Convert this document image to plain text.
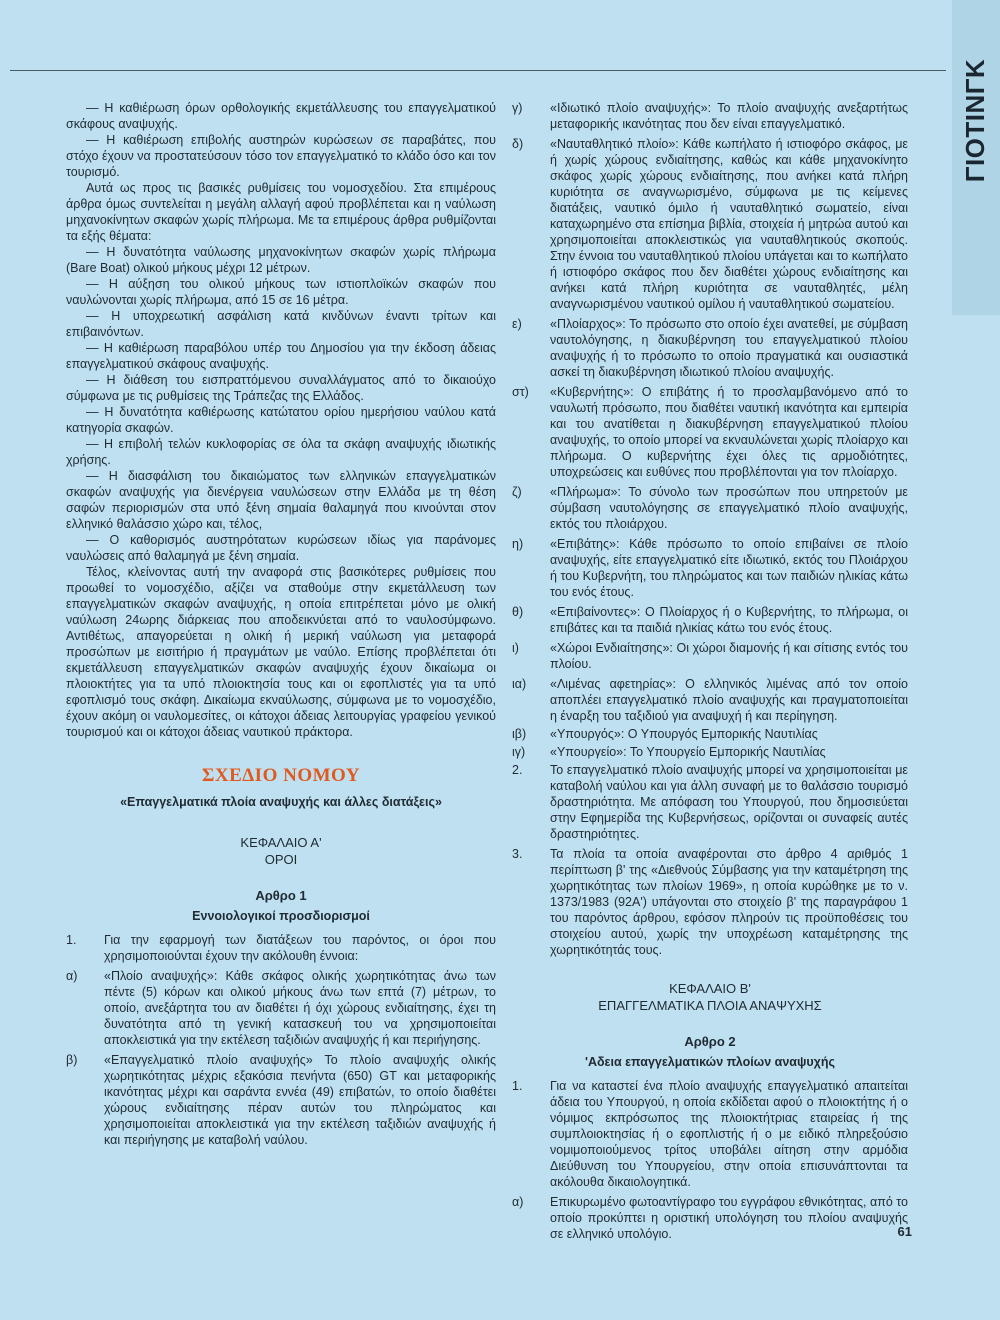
ΓΙΟΤΙΝΓΚ

— Η καθιέρωση όρων ορθολογικής εκμετάλλευσης του επαγγελματικού σκάφους αναψυχής.

— Η καθιέρωση επιβολής αυστηρών κυρώσεων σε παραβάτες, που στόχο έχουν να προστατεύσουν τόσο τον επαγγελματικό το κλάδο όσο και τον τουρισμό.

Αυτά ως προς τις βασικές ρυθμίσεις του νομοσχεδίου. Στα επιμέρους άρθρα όμως συντελείται η μεγάλη αλλαγή αφού προβλέπεται και η ναύλωση μηχανοκίνητων σκαφών χωρίς πλήρωμα. Με τα επιμέρους άρθρα ρυθμίζονται τα εξής θέματα:

— Η δυνατότητα ναύλωσης μηχανοκίνητων σκαφών χωρίς πλήρωμα (Bare Boat) ολικού μήκους μέχρι 12 μέτρων.

— Η αύξηση του ολικού μήκους των ιστιοπλοϊκών σκαφών που ναυλώνονται χωρίς πλήρωμα, από 15 σε 16 μέτρα.

— Η υποχρεωτική ασφάλιση κατά κινδύνων έναντι τρίτων και επιβαινόντων.

— Η καθιέρωση παραβόλου υπέρ του Δημοσίου για την έκδοση άδειας επαγγελματικού σκάφους αναψυχής.

— Η διάθεση του εισπραττόμενου συναλλάγματος από το δικαιούχο σύμφωνα με τις ρυθμίσεις της Τράπεζας της Ελλάδος.

— Η δυνατότητα καθιέρωσης κατώτατου ορίου ημερήσιου ναύλου κατά κατηγορία σκαφών.

— Η επιβολή τελών κυκλοφορίας σε όλα τα σκάφη αναψυχής ιδιωτικής χρήσης.

— Η διασφάλιση του δικαιώματος των ελληνικών επαγγελματικών σκαφών αναψυχής για διενέργεια ναυλώσεων στην Ελλάδα με τη θέση σαφών περιορισμών στα υπό ξένη σημαία θαλαμηγά που κινούνται στον ελληνικό θαλάσσιο χώρο και, τέλος,

— Ο καθορισμός αυστηρότατων κυρώσεων ιδίως για παράνομες ναυλώσεις από θαλαμηγά με ξένη σημαία.

Τέλος, κλείνοντας αυτή την αναφορά στις βασικότερες ρυθμίσεις που προωθεί το νομοσχέδιο, αξίζει να σταθούμε στην εκμετάλλευση των επαγγελματικών σκαφών αναψυχής, η οποία επιτρέπεται μόνο με ολική ναύλωση 24ωρης διάρκειας που αποδεικνύεται από το ναυλοσύμφωνο. Αντιθέτως, απαγορεύεται η ολική ή μερική ναύλωση για μεταφορά προσώπων με εισιτήριο ή πραγμάτων με ναύλο. Επίσης προβλέπεται ότι εκμετάλλευση επαγγελματικών σκαφών αναψυχής έχουν δικαίωμα οι πλοιοκτήτες για τα υπό πλοιοκτησία τους και οι εφοπλιστές για τα υπό εφοπλισμό τους σκάφη. Δικαίωμα εκναύλωσης, σύμφωνα με το νομοσχέδιο, έχουν ακόμη οι ναυλομεσίτες, οι κάτοχοι άδειας λειτουργίας γραφείου γενικού τουρισμού και οι κάτοχοι άδειας ναυτικού πράκτορα.

ΣΧΕΔΙΟ ΝΟΜΟΥ
«Επαγγελματικά πλοία αναψυχής και άλλες διατάξεις»
ΚΕΦΑΛΑΙΟ Α'
ΟΡΟΙ
Αρθρο 1
Εννοιολογικοί προσδιορισμοί
1.	Για την εφαρμογή των διατάξεων του παρόντος, οι όροι που χρησιμοποιούνται έχουν την ακόλουθη έννοια:
α)	«Πλοίο αναψυχής»: Κάθε σκάφος ολικής χωρητικότητας άνω των πέντε (5) κόρων και ολικού μήκους άνω των επτά (7) μέτρων, το οποίο, ανεξάρτητα του αν διαθέτει ή όχι χώρους ενδιαίτησης, έχει τη δυνατότητα από τη γενική κατασκευή του να χρησιμοποιείται αποκλειστικά για την εκτέλεση ταξιδιών αναψυχής ή και περιήγησης.
β)	«Επαγγελματικό πλοίο αναψυχής» Το πλοίο αναψυχής ολικής χωρητικότητας μέχρις εξακόσια πενήντα (650) GT και μεταφορικής ικανότητας μέχρι και σαράντα εννέα (49) επιβατών, το οποίο διαθέτει χώρους ενδιαίτησης πέραν αυτών του πληρώματος και χρησιμοποιείται αποκλειστικά για την εκτέλεση ταξιδιών αναψυχής ή και περιήγησης με καταβολή ναύλου.
γ)	«Ιδιωτικό πλοίο αναψυχής»: Το πλοίο αναψυχής ανεξαρτήτως μεταφορικής ικανότητας που δεν είναι επαγγελματικό.
δ)	«Ναυταθλητικό πλοίο»: Κάθε κωπήλατο ή ιστιοφόρο σκάφος, με ή χωρίς χώρους ενδιαίτησης, καθώς και κάθε μηχανοκίνητο σκάφος χωρίς χώρους ενδιαίτησης, που ανήκει κατά πλήρη κυριότητα σε αναγνωρισμένο, σύμφωνα με τις κείμενες διατάξεις, ναυτικό όμιλο ή ναυταθλητικό σωματείο, είναι καταχωρημένο στα επίσημα βιβλία, στοιχεία ή μητρώα αυτού και χρησιμοποιείται αποκλειστικώς για ναυταθλητικούς σκοπούς. Στην έννοια του ναυταθλητικού πλοίου υπάγεται και το κωπήλατο ή ιστιοφόρο σκάφος που δεν διαθέτει χώρους ενδιαίτησης και ανήκει κατά πλήρη κυριότητα σε ναυταθλητές, μέλη αναγνωρισμένου ναυτικού ομίλου ή ναυταθλητικού σωματείου.
ε)	«Πλοίαρχος»: Το πρόσωπο στο οποίο έχει ανατεθεί, με σύμβαση ναυτολόγησης, η διακυβέρνηση του επαγγελματικού πλοίου αναψυχής ή το πρόσωπο το οποίο πραγματικά και ουσιαστικά ασκεί τη διακυβέρνηση ιδιωτικού πλοίου αναψυχής.
στ)	«Κυβερνήτης»: Ο επιβάτης ή το προσλαμβανόμενο από το ναυλωτή πρόσωπο, που διαθέτει ναυτική ικανότητα και εμπειρία και του ανατίθεται η διακυβέρνηση επαγγελματικού πλοίου αναψυχής, το οποίο μπορεί να εκναυλώνεται χωρίς πλοίαρχο και πλήρωμα. Ο κυβερνήτης έχει όλες τις αρμοδιότητες, υποχρεώσεις και ευθύνες που προβλέπονται για τον πλοίαρχο.
ζ)	«Πλήρωμα»: Το σύνολο των προσώπων που υπηρετούν με σύμβαση ναυτολόγησης σε επαγγελματικό πλοίο αναψυχής, εκτός του πλοιάρχου.
η)	«Επιβάτης»: Κάθε πρόσωπο το οποίο επιβαίνει σε πλοίο αναψυχής, είτε επαγγελματικό είτε ιδιωτικό, εκτός του Πλοιάρχου ή του Κυβερνήτη, του πληρώματος και των παιδιών ηλικίας κάτω του ενός έτους.
θ)	«Επιβαίνοντες»: Ο Πλοίαρχος ή ο Κυβερνήτης, το πλήρωμα, οι επιβάτες και τα παιδιά ηλικίας κάτω του ενός έτους.
ι)	«Χώροι Ενδιαίτησης»: Οι χώροι διαμονής ή και σίτισης εντός του πλοίου.
ια)	«Λιμένας αφετηρίας»: Ο ελληνικός λιμένας από τον οποίο αποπλέει επαγγελματικό πλοίο αναψυχής και πραγματοποιείται η έναρξη του ταξιδιού για αναψυχή ή και περίηγηση.
ιβ)	«Υπουργός»: Ο Υπουργός Εμπορικής Ναυτιλίας
ιγ)	«Υπουργείο»: Το Υπουργείο Εμπορικής Ναυτιλίας
2.	Το επαγγελματικό πλοίο αναψυχής μπορεί να χρησιμοποιείται με καταβολή ναύλου και για άλλη συναφή με το θαλάσσιο τουρισμό δραστηριότητα. Με απόφαση του Υπουργού, που δημοσιεύεται στην Εφημερίδα της Κυβερνήσεως, ορίζονται οι συναφείς αυτές δραστηριότητες.
3.	Τα πλοία τα οποία αναφέρονται στο άρθρο 4 αριθμός 1 περίπτωση β' της «Διεθνούς Σύμβασης για την καταμέτρηση της χωρητικότητας των πλοίων 1969», η οποία κυρώθηκε με το ν. 1373/1983 (92Α') υπάγονται στο στοιχείο β' της παραγράφου 1 του παρόντος άρθρου, εφόσον πληρούν τις προϋποθέσεις του στοιχείου αυτού, χωρίς την υποχρέωση καταμέτρησης της χωρητικότητάς τους.
ΚΕΦΑΛΑΙΟ Β'
ΕΠΑΓΓΕΛΜΑΤΙΚΑ ΠΛΟΙΑ ΑΝΑΨΥΧΗΣ
Αρθρο 2
'Αδεια επαγγελματικών πλοίων αναψυχής
1.	Για να καταστεί ένα πλοίο αναψυχής επαγγελματικό απαιτείται άδεια του Υπουργού, η οποία εκδίδεται αφού ο πλοιοκτήτης ή ο νόμιμος εκπρόσωπος της πλοιοκτήτριας εταιρείας ή της συμπλοιοκτησίας ή ο εφοπλιστής ή ο με ειδικό πληρεξούσιο νομιμοποιούμενος τρίτος υποβάλει αίτηση στην αρμόδια Διεύθυνση του Υπουργείου, στην οποία επισυνάπτονται τα ακόλουθα δικαιολογητικά.
α)	Επικυρωμένο φωτοαντίγραφο του εγγράφου εθνικότητας, από το οποίο προκύπτει η οριστική υπολόγηση του πλοίου αναψυχής σε ελληνικό υπολόγιο.	61
